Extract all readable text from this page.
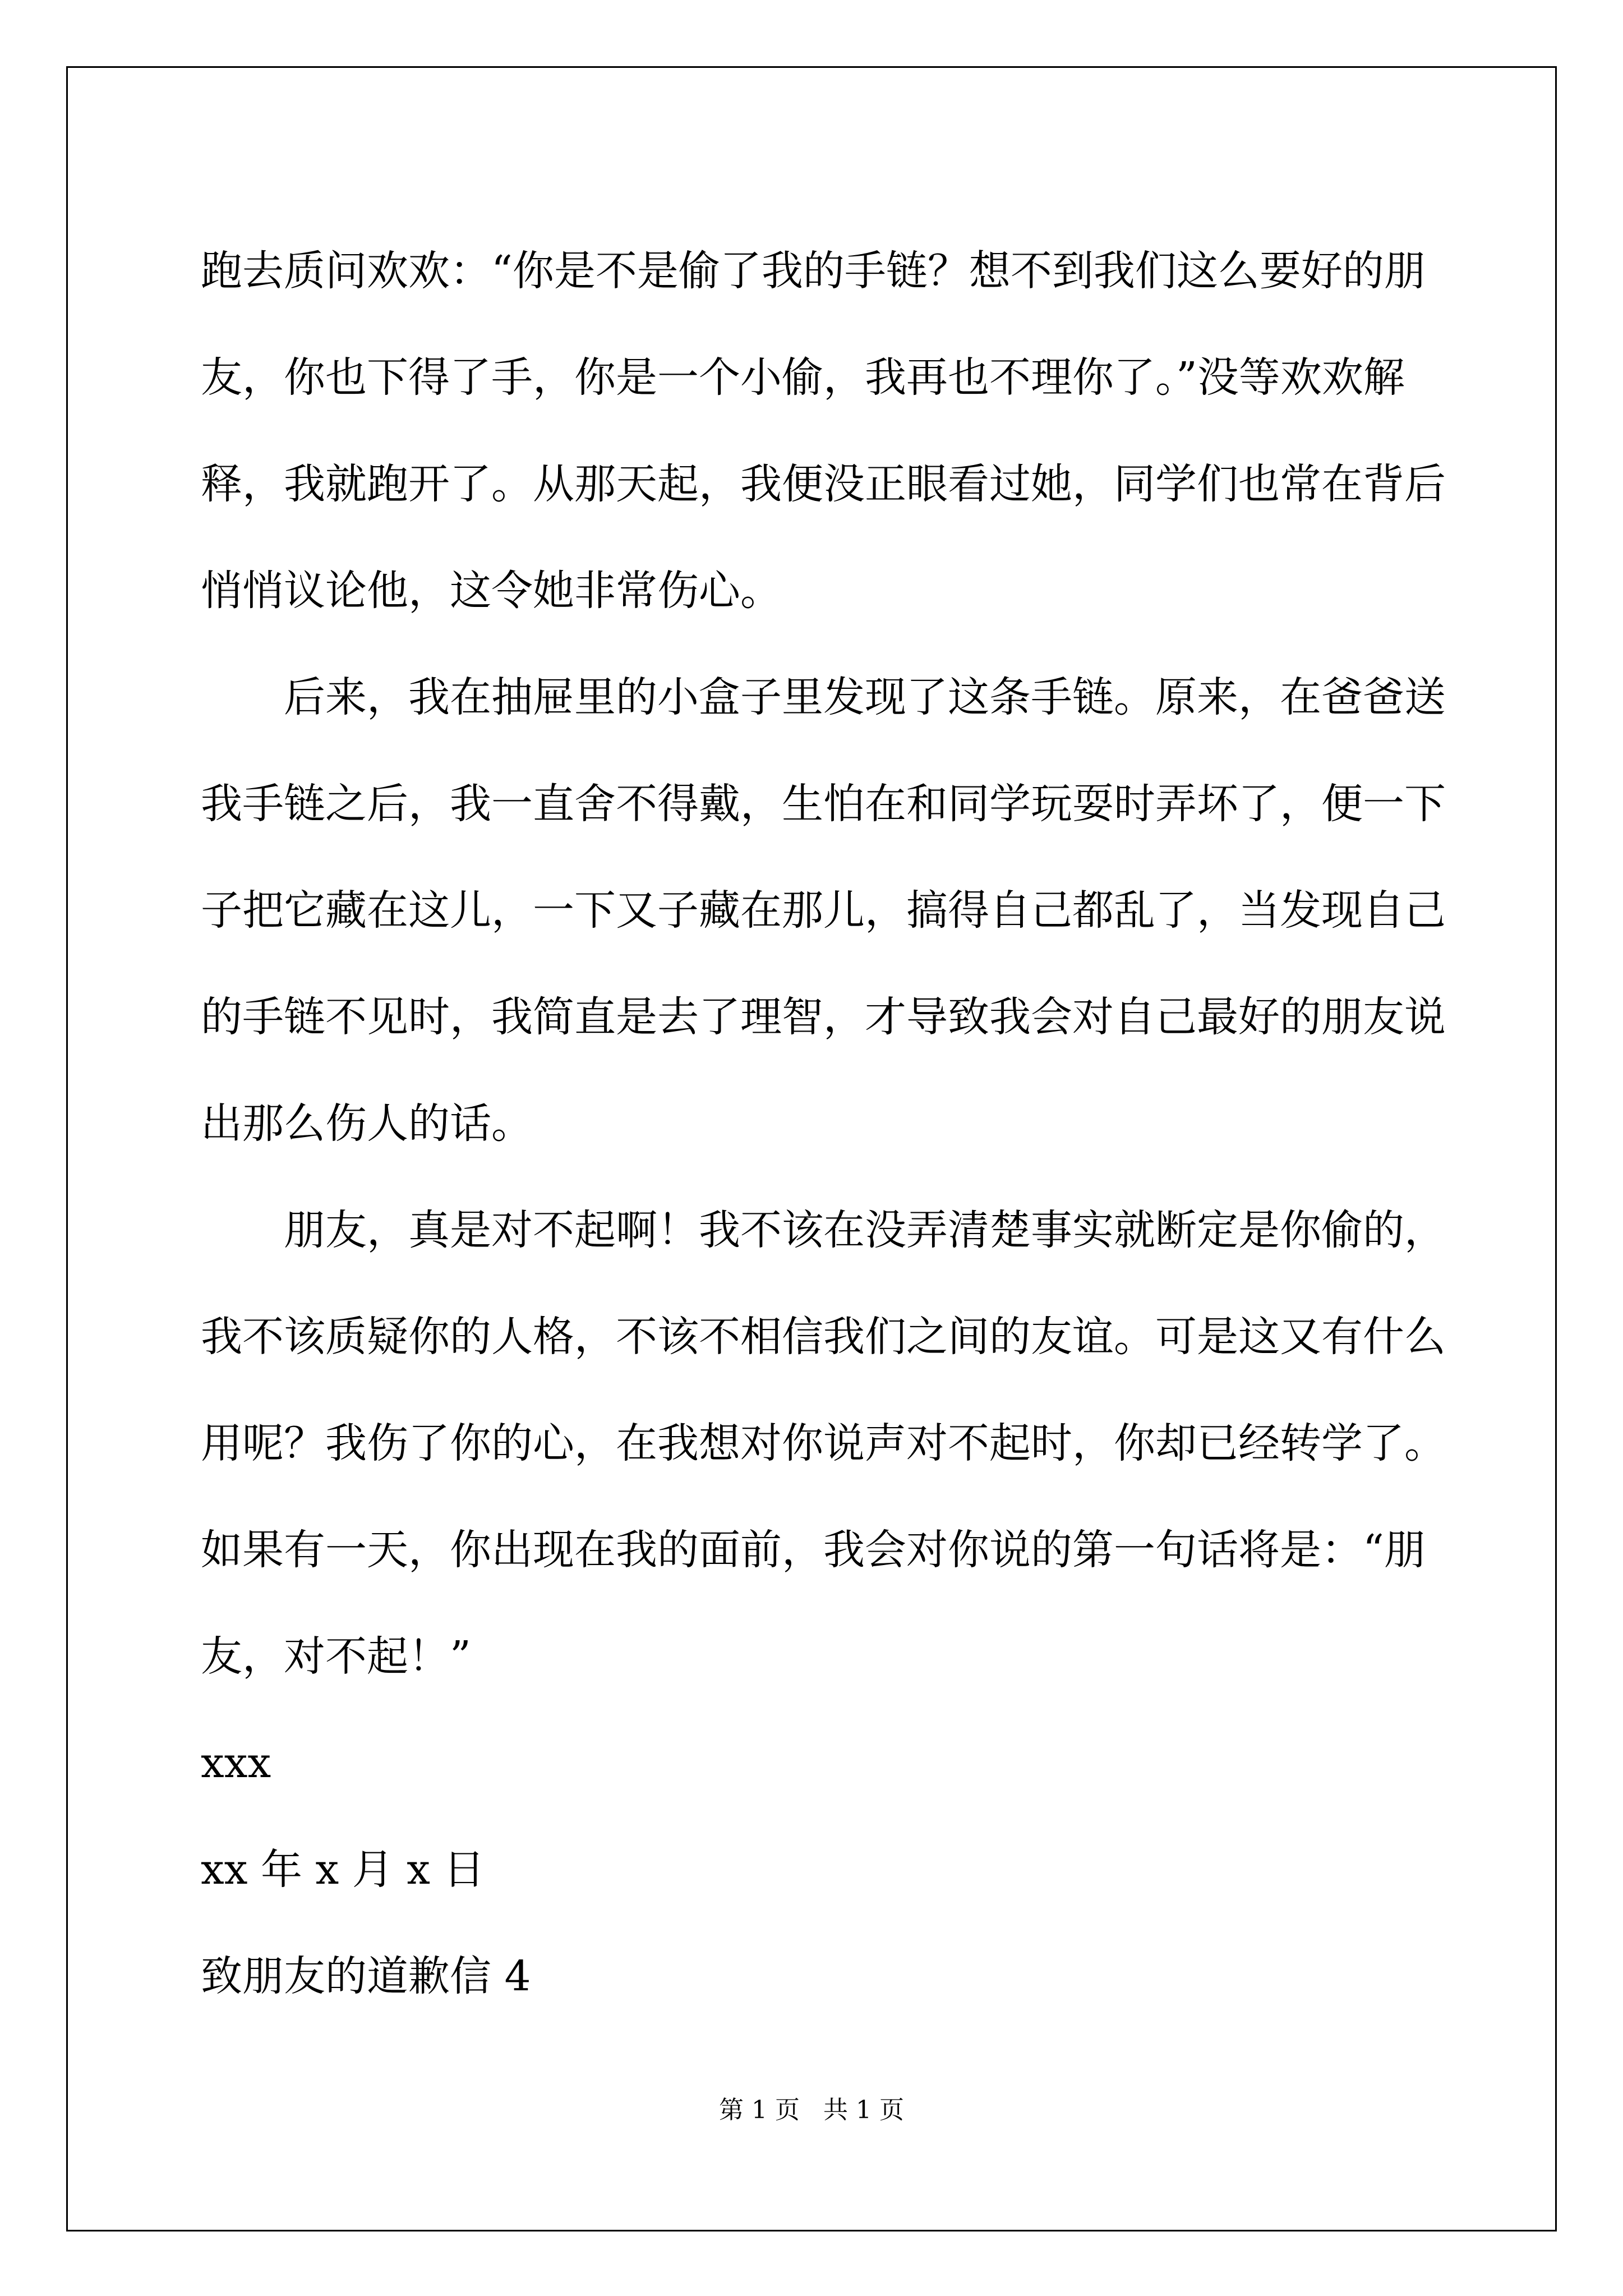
跑去质问欢欢：“你是不是偷了我的手链？想不到我们这么要好的朋
友，你也下得了手，你是一个小偷，我再也不理你了。”没等欢欢解
释，我就跑开了。从那天起，我便没正眼看过她，同学们也常在背后
悄悄议论他，这令她非常伤心。
后来，我在抽屉里的小盒子里发现了这条手链。原来，在爸爸送
我手链之后，我一直舍不得戴，生怕在和同学玩耍时弄坏了，便一下
子把它藏在这儿，一下又子藏在那儿，搞得自己都乱了，当发现自己
的手链不见时，我简直是去了理智，才导致我会对自己最好的朋友说
出那么伤人的话。
朋友，真是对不起啊！我不该在没弄清楚事实就断定是你偷的，
我不该质疑你的人格，不该不相信我们之间的友谊。可是这又有什么
用呢？我伤了你的心，在我想对你说声对不起时，你却已经转学了。
如果有一天，你出现在我的面前，我会对你说的第一句话将是：“朋
友，对不起！”
xxx
xx 年 x 月 x 日
致朋友的道歉信 4
第 1 页   共 1 页
